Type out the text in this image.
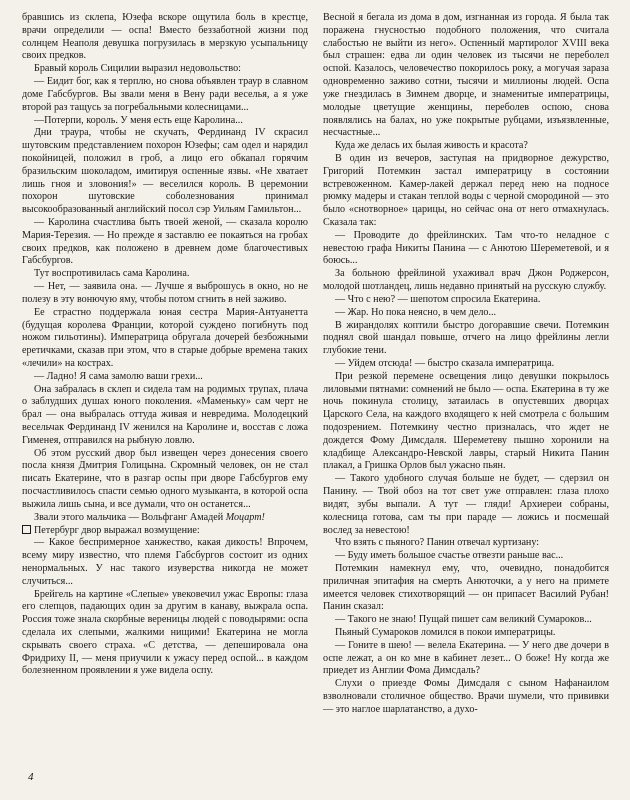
бравшись из склепа, Юзефа вскоре ощутила боль в крестце, врачи определили — оспа! Вместо беззаботной жизни под солнцем Неаполя девушка погрузилась в мерзкую усыпальницу своих предков.

Бравый король Сицилии выразил недовольство:

— Еидит бог, как я терплю, но снова объявлен траур в славном доме Габсбургов. Вы звали меня в Вену ради веселья, а я уже второй раз тащусь за погребальными колесницами...

—Потерпи, король. У меня есть еще Каролина...

Дни траура, чтобы не скучать, Фердинанд IV скрасил шутовским представлением похорон Юзефы; сам одел и нарядил покойницей, положил в гроб, а лицо его обкапал горячим бразильским шоколадом, имитируя оспенные язвы. «Не хватает лишь гноя и зловония!» — веселился король. В церемонии похорон шутовские соболезнования принимал высокообразованный английский посол сэр Уильям Гамильтон...

— Каролина счастлива быть твоей женой, — сказала королю Мария-Терезия. — Но прежде я заставлю ее покаяться на гробах своих предков, как положено в древнем доме благочестивых Габсбургов.

Тут воспротивилась сама Каролина.

— Нет, — заявила она. — Лучше я выброшусь в окно, но не полезу в эту вонючую яму, чтобы потом сгнить в ней заживо.

Ее страстно поддержала юная сестра Мария-Антуанетта (будущая королева Франции, которой суждено погибнуть под ножом гильотины). Императрица обругала дочерей безбожными еретичками, сказав при этом, что в старые добрые времена таких «лечили» на кострах.

— Ладно! Я сама замолю ваши грехи...

Она забралась в склеп и сидела там на родимых трупах, плача о заблудших душах юного поколения. «Маменьку» сам черт не брал — она выбралась оттуда живая и невредима. Молодецкий весельчак Фердинанд IV женился на Каролине и, восстав с ложа Гименея, отправился на рыбную ловлю.

Об этом русский двор был извещен через донесения своего посла князя Дмитрия Голицына. Скромный человек, он не стал писать Екатерине, что в разгар оспы при дворе Габсбургов ему посчастливилось спасти семью одного музыканта, в которой оспа выжила лишь сына, и все думали, что он останется...

Звали этого мальчика — Вольфганг Амадей Моцарт!

Петербург двор выражал возмущение:

— Какое беспримерное ханжество, какая дикость! Впрочем, всему миру известно, что племя Габсбургов состоит из одних ненормальных. У нас такого изуверства никогда не может случиться...

Брейгель на картине «Слепые» увековечил ужас Европы: глаза его слепцов, падающих один за другим в канаву, выжрала оспа. Россия тоже знала скорбные вереницы людей с поводырями: оспа сделала их слепыми, жалкими нищими! Екатерина не могла скрывать своего страха. «С детства, — депешировала она Фридриху II, — меня приучили к ужасу перед оспой... в каждом болезненном проявлении я уже видела оспу.

Весной я бегала из дома в дом, изгнанная из города. Я была так поражена гнусностью подобного положения, что считала слабостью не выйти из него». Оспенный мартиролог XVIII века был страшен: едва ли один человек из тысячи не переболел оспой. Казалось, человечество покорилось року, а могучая зараза одновременно заживо сотни, тысячи и миллионы людей. Оспа уже гнездилась в Зимнем дворце, и знаменитые императрицы, молодые цветущие женщины, переболев оспою, снова появлялись на балах, но уже покрытые рубцами, изъязвленные, несчастные...

Куда же делась их былая живость и красота?

В один из вечеров, заступая на придворное дежурство, Григорий Потемкин застал императрицу в состоянии встревоженном. Камер-лакей держал перед нею на подносе рюмку мадеры и стакан теплой воды с черной смородиной — это было «снотворное» царицы, но сейчас она от него отмахнулась. Сказала так:

— Проводите до фрейлинских. Там что-то неладное с невестою графа Никиты Панина — с Анютою Шереметевой, и я боюсь...

За больною фрейлиной ухаживал врач Джон Роджерсон, молодой шотландец, лишь недавно принятый на русскую службу.

— Что с нею? — шепотом спросила Екатерина.

— Жар. Но пока неясно, в чем дело...

В жирандолях коптили быстро догоравшие свечи. Потемкин поднял свой шандал повыше, отчего на лицо фрейлины легли глубокие тени.

— Уйдем отсюда! — быстро сказала императрица.

При резкой перемене освещения лицо девушки покрылось лиловыми пятнами: сомнений не было — оспа. Екатерина в ту же ночь покинула столицу, затаилась в опустевших дворцах Царского Села, на каждого входящего к ней смотрела с большим подозрением. Потемкину честно призналась, что ждет не дождется Фому Димсдаля. Шереметеву пышно хоронили на кладбище Александро-Невской лавры, старый Никита Панин плакал, а Гришка Орлов был ужасно пьян.

— Такого удобного случая больше не будет, — сдерзил он Панину. — Твой обоз на тот свет уже отправлен: глаза плохо видят, зубы выпали. А тут — гляди! Архиереи собраны, колесница готова, сам ты при параде — ложись и посмешай вослед за невестою!

Что взять с пьяного? Панин отвечал куртизану:

— Буду иметь большое счастье отвезти раньше вас...

Потемкин намекнул ему, что, очевидно, понадобится приличная эпитафия на смерть Анюточки, а у него на примете имеется человек стихотворящий — он припасет Василий Рубан! Панин сказал:

— Такого не знаю! Пущай пишет сам великий Сумароков...

Пьяный Сумароков ломился в покои императрицы.

— Гоните в шею! — велела Екатерина. — У него две дочери в оспе лежат, а он ко мне в кабинет лезет... О боже! Ну когда же приедет из Англии Фома Димсдаль?

Слухи о приезде Фомы Димсдаля с сыном Нафанаилом взволновали столичное общество. Врачи шумели, что прививки — это наглое шарлатанство, а духо-

4
